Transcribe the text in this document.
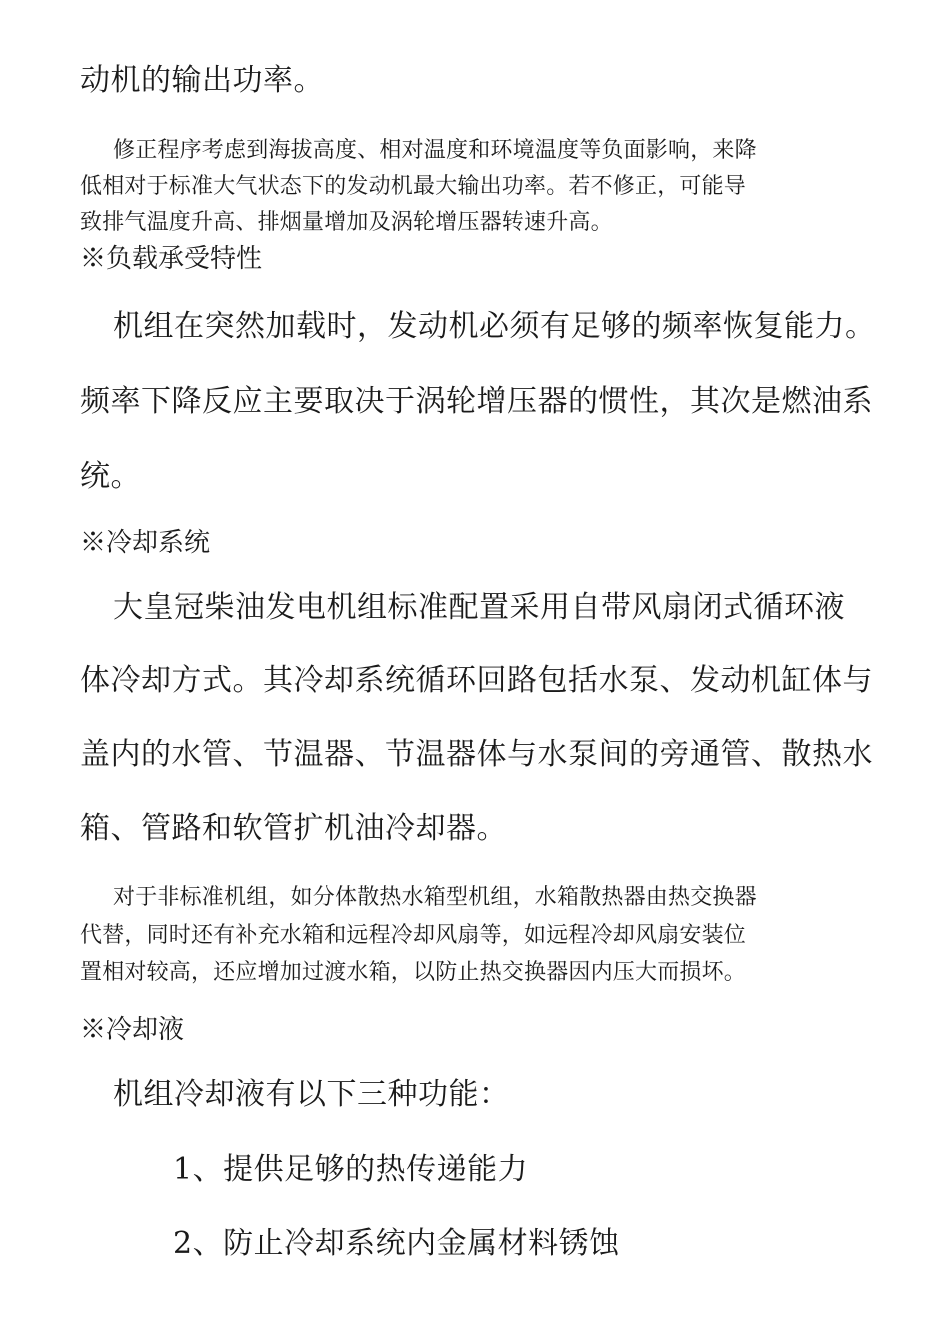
动机的输出功率。

修正程序考虑到海拔高度、相对温度和环境温度等负面影响，来降

低相对于标准大气状态下的发动机最大输出功率。若不修正，可能导

致排气温度升高、排烟量增加及涡轮增压器转速升高。

※负载承受特性

机组在突然加载时，发动机必须有足够的频率恢复能力。

频率下降反应主要取决于涡轮增压器的惯性，其次是燃油系

统。

※冷却系统

大皇冠柴油发电机组标准配置采用自带风扇闭式循环液

体冷却方式。其冷却系统循环回路包括水泵、发动机缸体与

盖内的水管、节温器、节温器体与水泵间的旁通管、散热水

箱、管路和软管扩机油冷却器。

对于非标准机组，如分体散热水箱型机组，水箱散热器由热交换器

代替，同时还有补充水箱和远程冷却风扇等，如远程冷却风扇安装位

置相对较高，还应增加过渡水箱，以防止热交换器因内压大而损坏。

※冷却液

机组冷却液有以下三种功能：

1、提供足够的热传递能力

2、防止冷却系统内金属材料锈蚀
